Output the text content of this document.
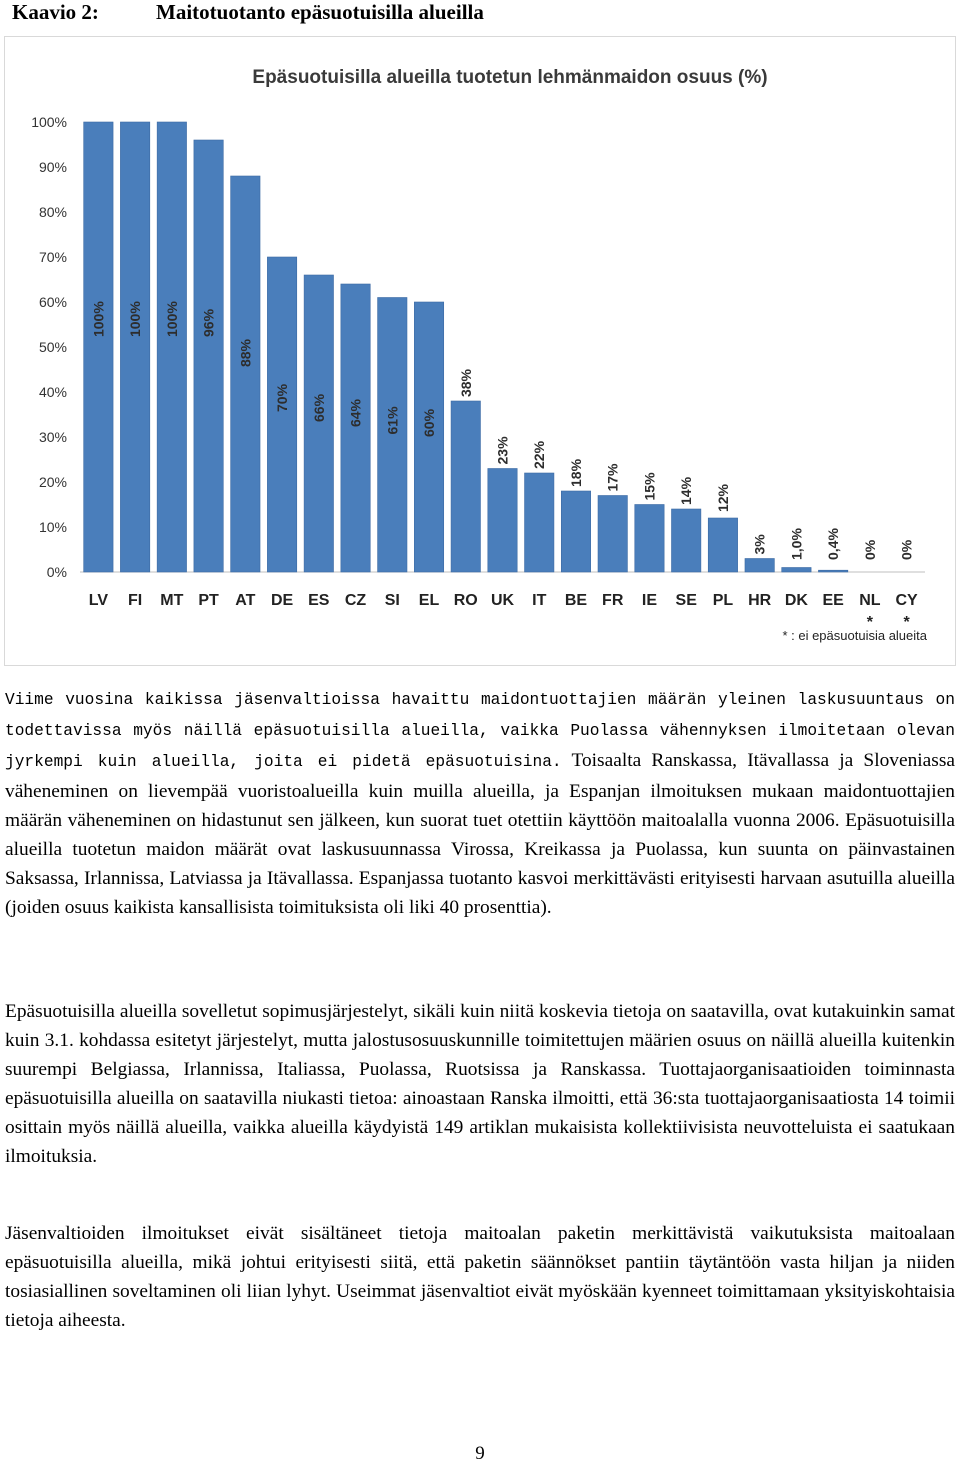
Kaavio 2:	Maitotuotanto epäsuotuisilla alueilla
Epäsuotuisilla alueilla tuotetun lehmänmaidon osuus (%)
0%
10%
20%
30%
40%
50%
60%
70%
80%
90%
100%
100% 100% 100% 96%
88%
70% 66% 64% 61% 60%
38%
23% 22%
18% 17% 15% 14% 12%
3% 1,0% 0,4% 0% 0%
LV FI MT PT AT DE ES CZ SI EL RO UK IT BE FR IE SE PL HR DK EE NL CY
* *
* : ei epäsuotuisia alueita

Viime vuosina kaikissa jäsenvaltioissa havaittu maidontuottajien määrän yleinen laskusuuntaus on todettavissa myös näillä epäsuotuisilla alueilla, vaikka Puolassa vähennyksen ilmoitetaan olevan jyrkempi kuin alueilla, joita ei pidetä epäsuotuisina. Toisaalta Ranskassa, Itävallassa ja Sloveniassa väheneminen on lievempää vuoristoalueilla kuin muilla alueilla, ja Espanjan ilmoituksen mukaan maidontuottajien määrän väheneminen on hidastunut sen jälkeen, kun suorat tuet otettiin käyttöön maitoalalla vuonna 2006. Epäsuotuisilla alueilla tuotetun maidon määrät ovat laskusuunnassa Virossa, Kreikassa ja Puolassa, kun suunta on päinvastainen Saksassa, Irlannissa, Latviassa ja Itävallassa. Espanjassa tuotanto kasvoi merkittävästi erityisesti harvaan asutuilla alueilla (joiden osuus kaikista kansallisista toimituksista oli liki 40 prosenttia).

Epäsuotuisilla alueilla sovelletut sopimusjärjestelyt, sikäli kuin niitä koskevia tietoja on saatavilla, ovat kutakuinkin samat kuin 3.1. kohdassa esitetyt järjestelyt, mutta jalostusosuuskunnille toimitettujen määrien osuus on näillä alueilla kuitenkin suurempi Belgiassa, Irlannissa, Italiassa, Puolassa, Ruotsissa ja Ranskassa. Tuottajaorganisaatioiden toiminnasta epäsuotuisilla alueilla on saatavilla niukasti tietoa: ainoastaan Ranska ilmoitti, että 36:sta tuottajaorganisaatiosta 14 toimii osittain myös näillä alueilla, vaikka alueilla käydyistä 149 artiklan mukaisista kollektiivisista neuvotteluista ei saatukaan ilmoituksia.

Jäsenvaltioiden ilmoitukset eivät sisältäneet tietoja maitoalan paketin merkittävistä vaikutuksista maitoalaan epäsuotuisilla alueilla, mikä johtui erityisesti siitä, että paketin säännökset pantiin täytäntöön vasta hiljan ja niiden tosiasiallinen soveltaminen oli liian lyhyt. Useimmat jäsenvaltiot eivät myöskään kyenneet toimittamaan yksityiskohtaisia tietoja aiheesta.

9
